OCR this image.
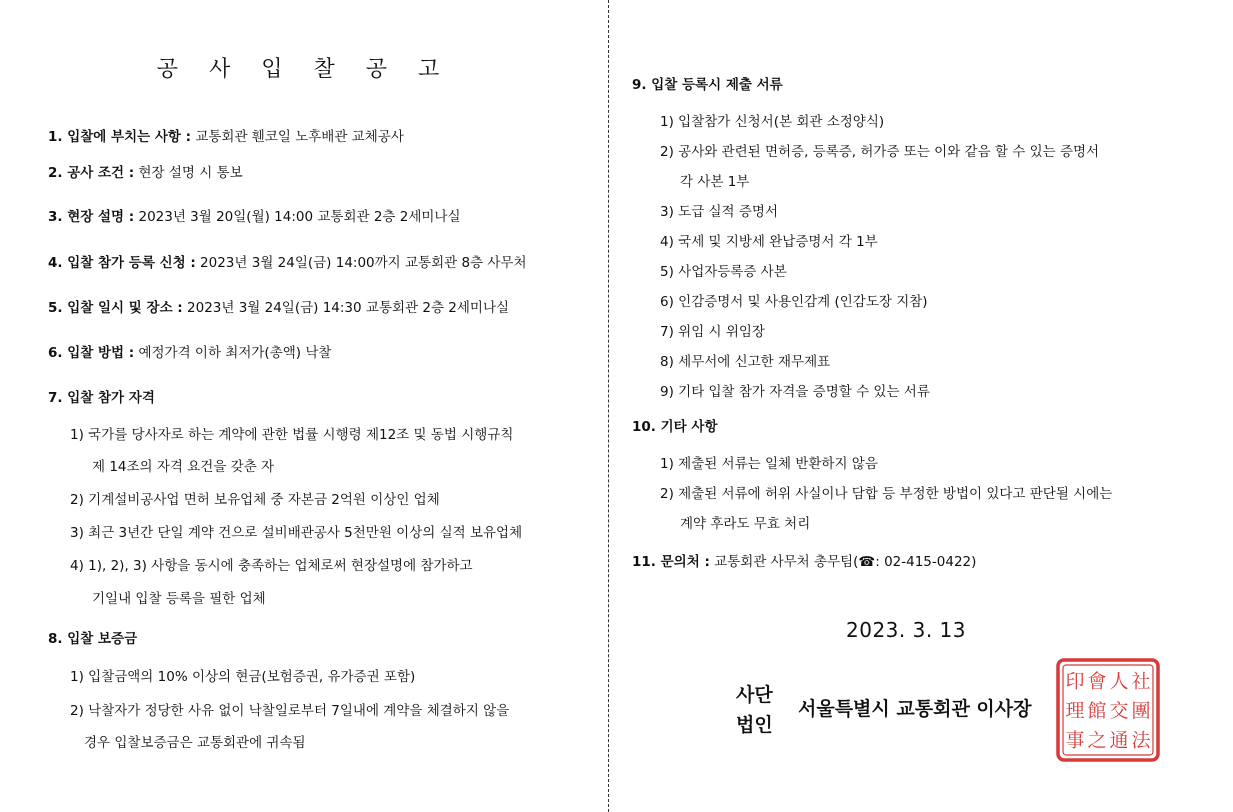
공 사 입 찰 공 고
1. 입찰에 부치는 사항 : 교통회관 휀코일 노후배관 교체공사
2. 공사 조건 : 현장 설명 시 통보
3. 현장 설명 : 2023년 3월 20일(월) 14:00 교통회관 2층 2세미나실
4. 입찰 참가 등록 신청 : 2023년 3월 24일(금) 14:00까지 교통회관 8층 사무처
5. 입찰 일시 및 장소 : 2023년 3월 24일(금) 14:30 교통회관 2층 2세미나실
6. 입찰 방법 : 예정가격 이하 최저가(총액) 낙찰
7. 입찰 참가 자격
1) 국가를 당사자로 하는 계약에 관한 법률 시행령 제12조 및 동법 시행규칙
제 14조의 자격 요건을 갖춘 자
2) 기계설비공사업 면허 보유업체 중 자본금 2억원 이상인 업체
3) 최근 3년간 단일 계약 건으로 설비배관공사 5천만원 이상의 실적 보유업체
4) 1), 2), 3) 사항을 동시에 충족하는 업체로써 현장설명에 참가하고
기일내 입찰 등록을 필한 업체
8. 입찰 보증금
1) 입찰금액의 10% 이상의 현금(보험증권, 유가증권 포함)
2) 낙찰자가 정당한 사유 없이 낙찰일로부터 7일내에 계약을 체결하지 않을
경우 입찰보증금은 교통회관에 귀속됨
9. 입찰 등록시 제출 서류
1) 입찰참가 신청서(본 회관 소정양식)
2) 공사와 관련된 면허증, 등록증, 허가증 또는 이와 같음 할 수 있는 증명서
각 사본 1부
3) 도급 실적 증명서
4) 국세 및 지방세 완납증명서 각 1부
5) 사업자등록증 사본
6) 인감증명서 및 사용인감계 (인감도장 지참)
7) 위임 시 위임장
8) 세무서에 신고한 재무제표
9) 기타 입찰 참가 자격을 증명할 수 있는 서류
10. 기타 사항
1) 제출된 서류는 일체 반환하지 않음
2) 제출된 서류에 허위 사실이나 담합 등 부정한 방법이 있다고 판단될 시에는
계약 후라도 무효 처리
11. 문의처 : 교통회관 사무처 총무팀(☎: 02-415-0422)
2023. 3. 13
사단
법인
서울특별시 교통회관 이사장
社
團
法
人
交
通
會
館
之
印
理
事
